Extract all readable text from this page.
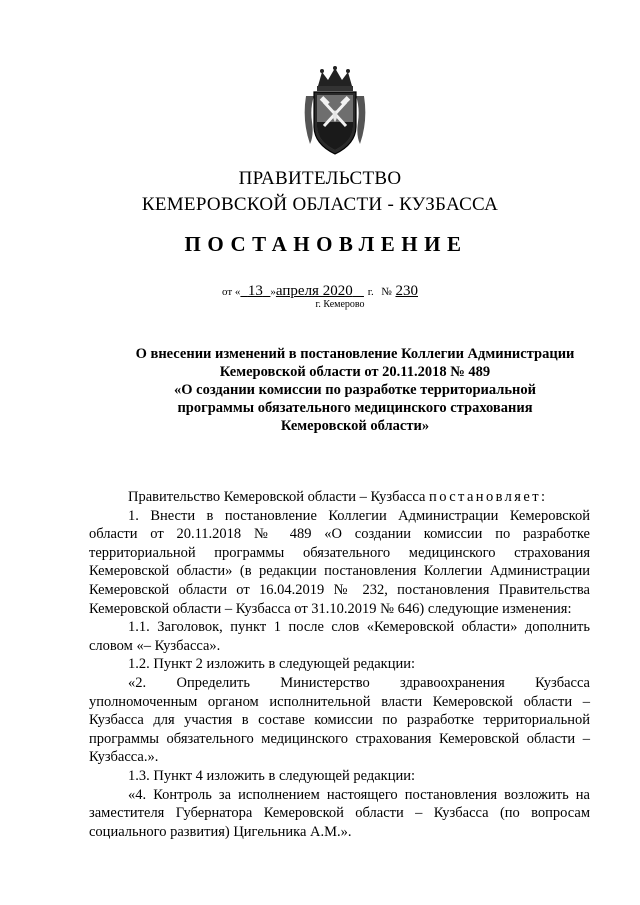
ПРАВИТЕЛЬСТВО
КЕМЕРОВСКОЙ ОБЛАСТИ - КУЗБАССА
ПОСТАНОВЛЕНИЕ
от « 13 »апреля 2020 г. № 230
г. Кемерово
О внесении изменений в постановление Коллегии Администрации
Кемеровской области от 20.11.2018 № 489
«О создании комиссии по разработке территориальной
программы обязательного медицинского страхования
Кемеровской области»

Правительство Кемеровской области – Кузбасса постановляет:

1. Внести в постановление Коллегии Администрации Кемеровской области от 20.11.2018 № 489 «О создании комиссии по разработке территориальной программы обязательного медицинского страхования Кемеровской области» (в редакции постановления Коллегии Администрации Кемеровской области от 16.04.2019 № 232, постановления Правительства Кемеровской области – Кузбасса от 31.10.2019 № 646) следующие изменения:

1.1. Заголовок, пункт 1 после слов «Кемеровской области» дополнить словом «– Кузбасса».

1.2. Пункт 2 изложить в следующей редакции:

«2. Определить Министерство здравоохранения Кузбасса уполномоченным органом исполнительной власти Кемеровской области – Кузбасса для участия в составе комиссии по разработке территориальной программы обязательного медицинского страхования Кемеровской области – Кузбасса.».

1.3. Пункт 4 изложить в следующей редакции:

«4. Контроль за исполнением настоящего постановления возложить на заместителя Губернатора Кемеровской области – Кузбасса (по вопросам социального развития) Цигельника А.М.».
